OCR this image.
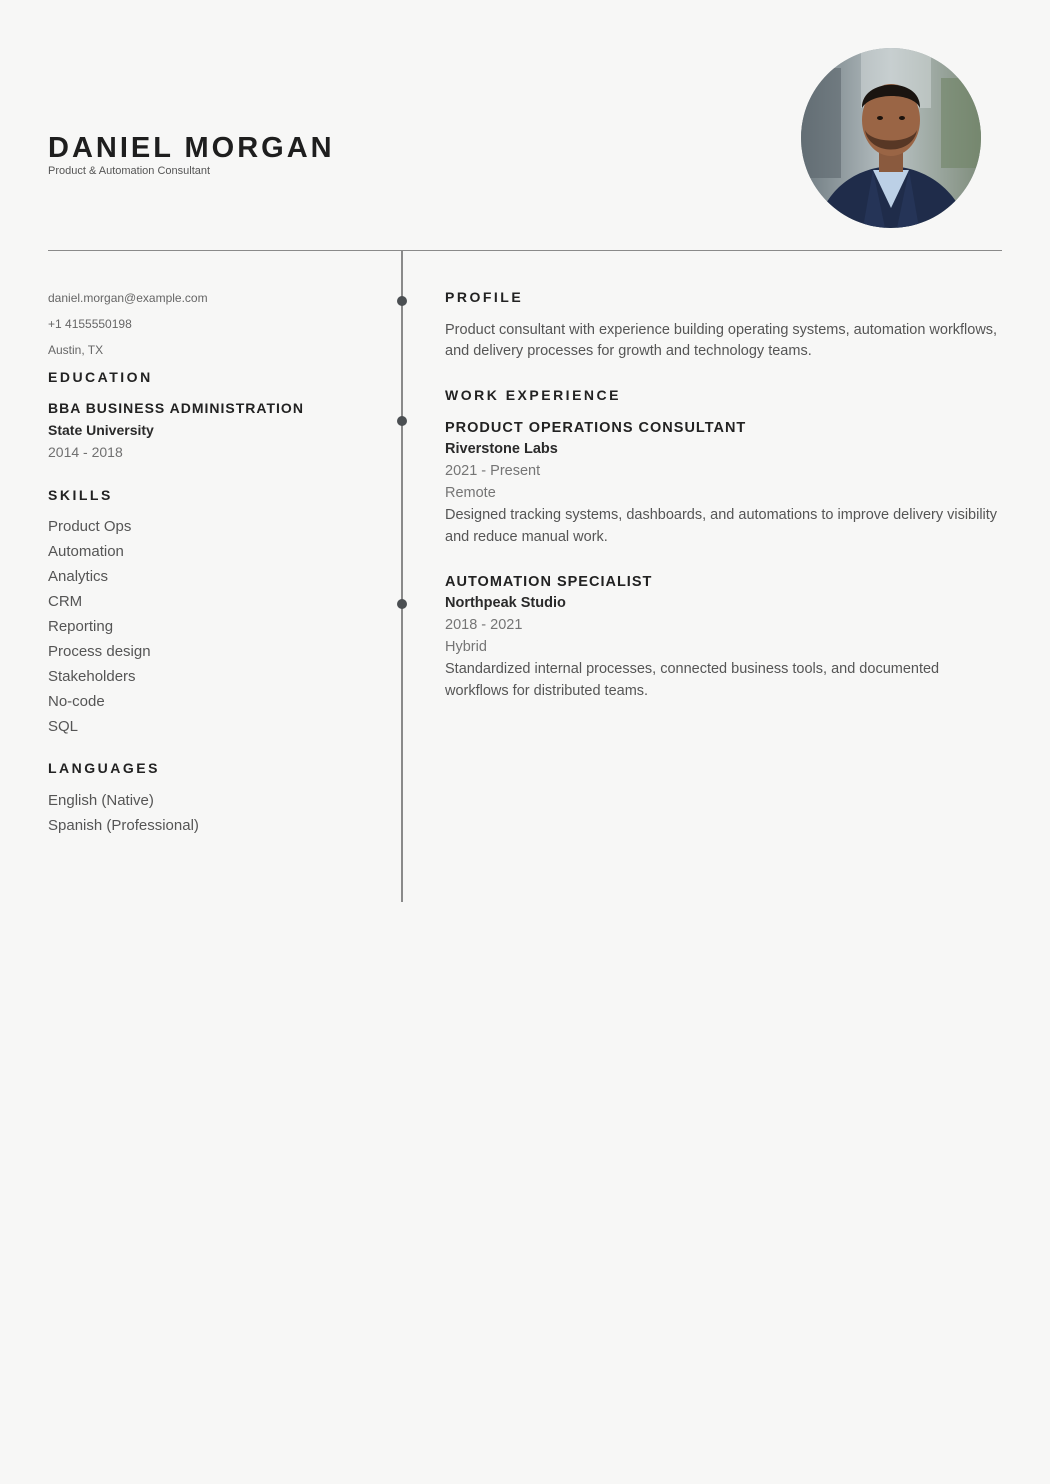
DANIEL MORGAN
Product & Automation Consultant
daniel.morgan@example.com
+1 4155550198
Austin, TX
EDUCATION
BBA BUSINESS ADMINISTRATION
State University
2014 - 2018
SKILLS
Product Ops
Automation
Analytics
CRM
Reporting
Process design
Stakeholders
No-code
SQL
LANGUAGES
English (Native)
Spanish (Professional)
PROFILE
Product consultant with experience building operating systems, automation workflows, and delivery processes for growth and technology teams.
WORK EXPERIENCE
PRODUCT OPERATIONS CONSULTANT
Riverstone Labs
2021 - Present
Remote
Designed tracking systems, dashboards, and automations to improve delivery visibility and reduce manual work.
AUTOMATION SPECIALIST
Northpeak Studio
2018 - 2021
Hybrid
Standardized internal processes, connected business tools, and documented workflows for distributed teams.
